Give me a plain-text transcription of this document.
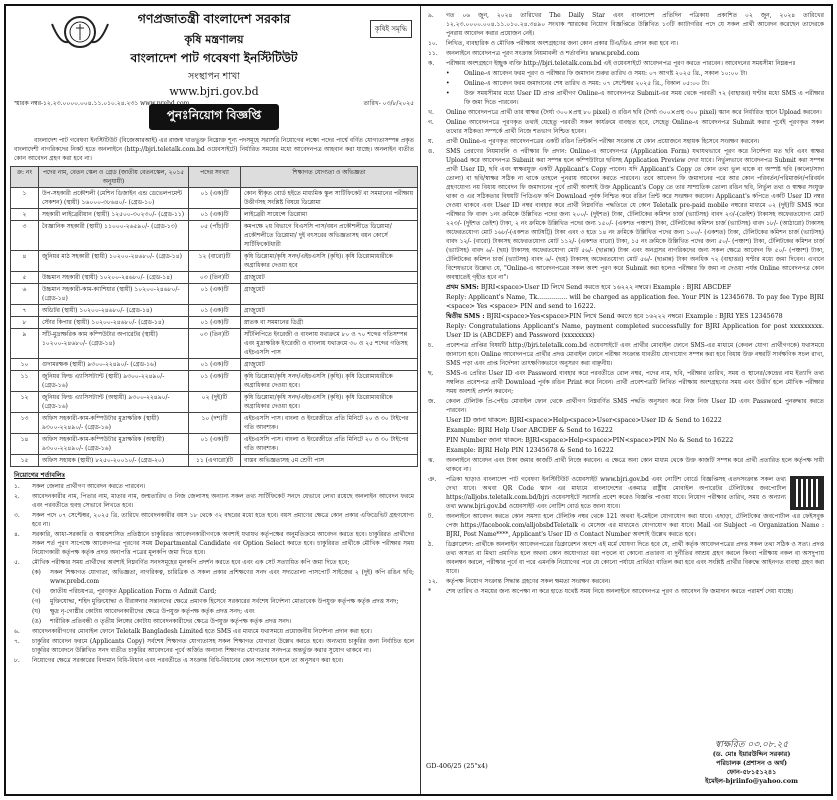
কৃষিই সমৃদ্ধি
গণপ্রজাতন্ত্রী বাংলাদেশ সরকার
কৃষি মন্ত্রণালয়
বাংলাদেশ পাট গবেষণা ইনস্টিটিউট
সংস্থাপন শাখা
www.bjri.gov.bd
স্মারক নম্বর-১২.২৩.০০০০.০০৪.১১.০১০.২৪.২৩১ www.prebd.com	তারিখ- ০৩/৮/২০২৫
পুনঃনিয়োগ বিজ্ঞপ্তি
বাংলাদেশ পাট গবেষণা ইনস্টিটিউট (বিজেআরআই) এর রাজস্ব খাতভুক্ত নিম্নোক্ত শূন্য পদসমূহে সরাসরি নিয়োগের লক্ষ্যে পদের পার্শ্বে বর্ণিত যোগ্যতাসম্পন্ন প্রকৃত বাংলাদেশী নাগরিকদের নিকট হতে অনলাইনে (http://bjri.teletalk.com.bd ওয়েবসাইটে) নির্ধারিত সময়ের মধ্যে আবেদনপত্র আহবান করা যাচ্ছে। অনলাইন ব্যতীত কোন আবেদন গ্রহণ করা হবে না।
ক্র: নং	পদের নাম, বেতন স্কেল ও গ্রেড (জাতীয় বেতনস্কেল, ২০১৫ অনুযায়ী)	পদের সংখ্যা	শিক্ষাগত যোগ্যতা ও অভিজ্ঞতা
১	উপ-সহকারী প্রকৌশলী (মেশিন ডিজাইন এন্ড ডেভেলপমেন্ট সেকশন) (স্থায়ী) ১৬০০০-৩৮৬৪০/- (গ্রেড-১০)	০১ (এক)টি	কোন স্বীকৃত বোর্ড হইতে মাধ্যমিক স্কুল সার্টিফিকেট বা সমমানের পরীক্ষায় উত্তীর্ণসহ সংশ্লিষ্ট বিষয়ে ডিপ্লোমা
২	সহকারী লাইব্রেরীয়ান (স্থায়ী) ১২৫০০-৩০২৩০/- (গ্রেড-১১)	০১ (এক)টি	লাইব্রেরী সায়েন্সে ডিপ্লোমা
৩	বৈজ্ঞানিক সহকারী (স্থায়ী) ১১০০০-২৬৫৯০/- (গ্রেড-১৩)	০৫ (পাঁচ)টি	কমপক্ষে ২য় বিভাগে বিএসসি পাস/বয়ন প্রকৌশলীতে ডিপ্লোমা/ প্রকৌশলীতে ডিপ্লোমা/ দুই বৎসরের অভিজ্ঞতাসহ বয়ন কোর্সে সার্টিফিকেটধারী
৪	জুনিয়র মাঠ সহকারী (স্থায়ী) ১০২০০-২৪৬৮০/- (গ্রেড-১৪)	১২ (বারো)টি	কৃষি ডিপ্লোমা/কৃষি সনদ/এইচএসসি (কৃষি)। কৃষি ডিপ্লোমাধারীকে অগ্রাধিকার দেওয়া হবে
৫	উচ্চমান সহকারী (স্থায়ী) ১০২০০-২৪৬৮০/- (গ্রেড-১৪)	০৩ (তিন)টি	গ্রাজুয়েট
৬	উচ্চমান সহকারী-কাম-ক্যাশিয়ার (স্থায়ী) ১০২০০-২৪৬৮০/- (গ্রেড-১৪)	০১ (এক)টি	গ্রাজুয়েট
৭	অডিটর (স্থায়ী) ১০২০০-২৪৬৮০/- (গ্রেড-১৪)	০১ (এক)টি	গ্রাজুয়েট
৮	স্টোর কিপার (স্থায়ী) ১০২০০-২৪৬৮০/- (গ্রেড-১৪)	০১ (এক)টি	স্নাতক বা সমমানের ডিগ্রী
৯	সাঁট-মুদ্রাক্ষরিক কাম কম্পিউটার অপারেটর (স্থায়ী) ১০২০০-২৪৬৮০/- (গ্রেড-১৪)	০৩ (তিন)টি	সাঁটলিপিতে ইংরেজী ও বাংলায় যথাক্রমে ৮০ ও ৭০ শব্দের গতিসম্পন্ন এবং মুদ্রাক্ষরিক ইংরেজী ও বাংলায় যথাক্রমে ৩০ ও ২৫ শব্দের গতিসহ এইচএসসি পাস
১০	গুদামরক্ষক (স্থায়ী) ৯৩০০-২২৪৯০/- (গ্রেড-১৬)	০১ (এক)টি	গ্রাজুয়েট
১১	জুনিয়র ফিল্ড এ্যাসিসট্যান্ট (স্থায়ী) ৯৩০০-২২৪৯০/- (গ্রেড-১৬)	০১ (এক)টি	কৃষি ডিপ্লোমা/কৃষি সনদ/এইচএসসি (কৃষি)। কৃষি ডিপ্লোমাধারীকে অগ্রাধিকার দেওয়া হবে।
১২	জুনিয়র ফিল্ড এ্যাসিসট্যান্ট (অস্থায়ী) ৯৩০০-২২৪৯০/- (গ্রেড-১৬)	০২ (দুই)টি	কৃষি ডিপ্লোমা/কৃষি সনদ/এইচএসসি (কৃষি)। কৃষি ডিপ্লোমাধারীকে অগ্রাধিকার দেওয়া হবে।
১৩	অফিস সহকারী-কাম-কম্পিউটার মুদ্রাক্ষরিক (স্থায়ী) ৯৩০০-২২৪৯০/- (গ্রেড-১৬)	১০ (দশ)টি	এইচএসসি পাস। বাংলা ও ইংরেজীতে প্রতি মিনিটে ২০ ও ৩০ টাইপের গতি আবশ্যক।
১৪	অফিস সহকারী-কাম-কম্পিউটার মুদ্রাক্ষরিক (অস্থায়ী) ৯৩০০-২২৪৯০/- (গ্রেড-১৬)	০১ (এক)টি	এইচএসসি পাস। বাংলা ও ইংরেজীতে প্রতি মিনিটে ২০ ও ৩০ টাইপের গতি আবশ্যক।
১৫	অফিস সহায়ক (স্থায়ী) ৮২৫০-২০০১০/- (গ্রেড-২০)	১১ (এগারো)টি	বাস্তব অভিজ্ঞতাসহ ৫ম শ্রেণী পাস
নিয়োগের শর্তাবলিঃ
১.	সকল জেলার প্রার্থীগণ আবেদন করতে পারবেন।
২.	আবেদনকারীর নাম, পিতার নাম, মাতার নাম, জন্মতারিখ ও নিজ জেলাসহ অন্যান্য সকল তথ্য সার্টিফিকেট সনদে যেভাবে লেখা রয়েছে অনলাইন আবেদন ফরমে এবং পরবর্তীতে হুবহু সেভাবে লিখতে হবে।
৩.	সকল পদে ০৭ সেপ্টেম্বর, ২০২৫ খ্রি. তারিখে আবেদনকারীর বয়স ১৮ থেকে ৩২ বছরের মধ্যে হতে হবে। বয়স প্রমাণের ক্ষেত্রে কোন প্রকার এফিডেভিট গ্রহণযোগ্য হবে না।
৪.	সরকারি, আধা-সরকারি ও স্বায়ত্তশাসিত প্রতিষ্ঠানে চাকুরিরত আবেদনকারীগণকে অবশ্যই যথাযথ কর্তৃপক্ষের অনুমতিক্রমে আবেদন করতে হবে। চাকুরিরত প্রার্থীদের সকল শর্ত পূরণ সাপেক্ষে আবেদনপত্র পূরণের সময় Departmental Candidate এর Option Select করতে হবে। চাকুরিরত প্রার্থীকে মৌখিক পরীক্ষার সময় নিয়োগকারী কর্তৃপক্ষ কর্তৃক প্রদত্ত অনাপত্তি পত্রের মূলকপি জমা দিতে হবে।
৫.	মৌখিক পরীক্ষার সময় প্রার্থীদের অবশ্যই নিম্নবর্ণিত সনদসমূহের মূলকপি প্রদর্শন করতে হবে এবং এক সেট সত্যায়িত কপি জমা দিতে হবে;
(ক)	সকল শিক্ষাগত যোগ্যতা, অভিজ্ঞতা, নাগরিকত্ব, চারিত্রিক ও সকল প্রকার প্রশিক্ষণের সনদ এবং সদ্যতোলা পাসপোর্ট সাইজের ২ (দুই) কপি রঙিন ছবি; www.prebd.com
(খ)	জাতীয় পরিচয়পত্র, পূরণকৃত Application Form ও Admit Card;
(গ)	মুক্তিযোদ্ধা, শহিদ মুক্তিযোদ্ধা ও বীরাঙ্গনার সন্তানদের ক্ষেত্রে প্রমাণক হিসেবে সরকারের সর্বশেষ নির্দেশনা মোতাবেক উপযুক্ত কর্তৃপক্ষ কর্তৃক প্রদত্ত সনদ;
(ঘ)	ক্ষুদ্র নৃ-গোষ্ঠীর কোটায় আবেদনকারীদের ক্ষেত্রে উপযুক্ত কর্তৃপক্ষ কর্তৃক প্রদত্ত সনদ; এবং
(ঙ)	শারীরিক প্রতিবন্ধী ও তৃতীয় লিঙ্গের কোটায় আবেদনকারীদের ক্ষেত্রে উপযুক্ত কর্তৃপক্ষ কর্তৃক প্রদত্ত সনদ।
৬.	আবেদনকারীগণের মোবাইল ফোনে Teletalk Bangladesh Limited হতে SMS এর মাধ্যমে যথাসময়ে প্রয়োজনীয় নির্দেশনা প্রদান করা হবে।
৭.	চাকুরির আবেদন ফরমে (Applicants Copy) সর্বশেষ শিক্ষাগত যোগ্যতাসহ সকল শিক্ষাগত যোগ্যতা উল্লেখ করতে হবে। অন্যথায় চাকুরির জন্য নির্বাচিত হলে চাকুরির আবেদনে উল্লিখিত সনদ ব্যতীত চাকুরির আবেদনের পূর্বে অর্জিত অন্যান্য শিক্ষাগত যোগ্যতার সনদপত্র অন্তর্ভুক্ত করার সুযোগ থাকবে না।
৮.	নিয়োগের ক্ষেত্রে সরকারের বিদ্যমান বিধি-বিধান এবং পরবর্তীতে এ সংক্রান্ত বিধি-বিধানের কোন সংশোধন হলে তা অনুসরণ করা হবে।
৯.	গত ০৬ জুন, ২০২৪ তারিখের The Daily Star এবং বাংলাদেশ প্রতিদিন পত্রিকায় প্রকাশিত ০২ জুন, ২০২৪ তারিখের ১২.২৩.০০০০.০০৪.১১.০১০.২৪.৩৪৯০ সংখ্যক স্মারকের নিয়োগ বিজ্ঞপ্তিতে উল্লিখিত ১৩টি ক্যাটাগরির পদে যে সকল প্রার্থী আবেদন করেছেন তাদেরকে পুনরায় আবেদন করার প্রয়োজন নেই।
১০.	লিখিত, ব্যবহারিক ও মৌখিক পরীক্ষায় অংশগ্রহণের জন্য কোন প্রকার টিএ/ডিএ প্রদান করা হবে না।
১১.	অনলাইনে আবেদনপত্র পূরণ সংক্রান্ত নিয়মাবলী ও শর্তাবলিঃ www.prebd.com
ক.	পরীক্ষায় অংশগ্রহণে ইচ্ছুক ব্যক্তি http://bjri.teletalk.com.bd এই ওয়েবসাইটে আবেদনপত্র পূরণ করতে পারবেন। আবেদনের সময়সীমা নিম্নরূপঃ
•	Online-এ আবেদন ফরম পূরণ ও পরীক্ষার ফি জমাদান শুরুর তারিখ ও সময়: ০৭ আগষ্ট ২০২৫ খ্রি., সকাল ১০:০০ টা।
•	Online-এ আবেদন ফরম জমাদানের শেষ তারিখ ও সময়: ০৭ সেপ্টেম্বর ২০২৫ খ্রি., বিকাল ০৫:০০ টা।
•	উক্ত সময়সীমার মধ্যে User ID প্রাপ্ত প্রার্থীগণ Online-এ আবেদনপত্র Submit-এর সময় থেকে পরবর্তী ৭২ (বাহাত্তর) ঘণ্টার মধ্যে SMS এ পরীক্ষার ফি জমা দিতে পারবেন।
খ.	Online আবেদনপত্রে প্রার্থী তার স্বাক্ষর (দৈর্ঘ্য ৩০০×প্রস্থ ৮০ pixel) ও রঙিন ছবি (দৈর্ঘ্য ৩০০×প্রস্থ ৩০০ pixel) স্ক্যান করে নির্ধারিত স্থানে Upload করবেন।
গ.	Online আবেদনপত্রে পূরণকৃত তথ্যই যেহেতু পরবর্তী সকল কার্যক্রমে ব্যবহৃত হবে, সেহেতু Online-এ আবেদনপত্র Submit করার পূর্বেই পূরণকৃত সকল তথ্যের সঠিকতা সম্পর্কে প্রার্থী নিজে শতভাগ নিশ্চিত হবেন।
ঘ.	প্রার্থী Online-এ পূরণকৃত আবেদনপত্রের একটি রঙিন প্রিন্টকপি পরীক্ষা সংক্রান্ত যে কোন প্রয়োজনে সহায়ক হিসেবে সংরক্ষণ করবেন।
ঙ.	SMS প্রেরণের নিয়মাবলি ও পরীক্ষার ফি প্রদান: Online-এ আবেদনপত্র (Application Form) যথাযথভাবে পূরণ করে নির্দেশনা মত ছবি এবং স্বাক্ষর Upload করে আবেদনপত্র Submit করা সম্পন্ন হলে কম্পিউটারে ছবিসহ Application Preview দেখা যাবে। নির্ভুলভাবে আবেদনপত্র Submit করা সম্পন্ন প্রার্থী User ID, ছবি এবং স্বাক্ষরযুক্ত একটি Applicant's Copy পাবেন। যদি Applicant's Copy তে কোন তথ্য ভুল থাকে বা অস্পষ্ট ছবি (কালো/সাদা তোলা) বা ছবি/স্বাক্ষর সঠিক না থাকে তাহলে পুনরায় আবেদন করতে পারবেন। তবে আবেদন ফি জমাদানের পরে আর কোন পরিবর্তন/পরিমার্জন/পরিবর্ধন গ্রহণযোগ্য নয় বিধায় আবেদন ফি জমাদানের পূর্বে প্রার্থী অবশ্যই উক্ত Applicant's Copy তে তার সাম্প্রতিক তোলা রঙিন ছবি, নির্ভুল তথ্য ও স্বাক্ষর সংযুক্ত থাকা ও এর সঠিকতার বিষয়টি পিডিএফ কপি Download পূর্বক নিশ্চিত করে রঙিন প্রিন্ট করে সংরক্ষণ করবেন। Applicant's কপিতে একটি User ID নম্বর দেওয়া থাকবে এবং User ID নম্বর ব্যবহার করে প্রার্থী নিম্নবর্ণিত পদ্ধতিতে যে কোন Teletalk pre-paid mobile নম্বরের মাধ্যমে ০২ (দুই)টি SMS করে পরীক্ষার ফি বাবদ ১নং ক্রমিকে উল্লিখিত পদের জন্য ২০০/- (দুইশত) টাকা, টেলিটকের কমিশন চার্জ (ভ্যাটসহ) বাবদ ২৩/-(তেইশ) টাকাসহ অফেরতযোগ্য মোট ২২৩/- (দুইশত তেইশ) টাকা, ২ নং ক্রমিকে উল্লিখিত পদের জন্য ১৫০/- (একশত পঞ্চাশ) টাকা, টেলিটকের কমিশন চার্জ (ভ্যাটসহ) বাবদ ১৮/- (আঠারো) টাকাসহ অফেরতযোগ্য মোট ১৬৮/-(একশত আটষট্টি) টাকা এবং ৩ হতে ১৪ নং ক্রমিকে উল্লিখিত পদের জন্য ১০০/- (একশত) টাকা, টেলিটকের কমিশন চার্জ (ভ্যাটসহ) বাবদ ১২/- (বারো) টাকাসহ অফেরতযোগ্য মোট ১১২/- (একশত বারো) টাকা, ১৫ নং ক্রমিকে উল্লিখিত পদের জন্য ৫০/- (পঞ্চাশ) টাকা, টেলিটকের কমিশন চার্জ (ভ্যাটসহ) বাবদ ৬/- (ছয়) টাকাসহ অফেরতযোগ্য মোট ৫৬/- (ছাপ্পান্ন) টাকা এবং অনগ্রসর নাগরিকদের জন্য সকল ক্ষেত্রে আবেদন ফি ৫০/- (পঞ্চাশ) টাকা, টেলিটকের কমিশন চার্জ (ভ্যাটসহ) বাবদ ৬/- (ছয়) টাকাসহ অফেরতযোগ্য মোট ৫৬/- (ছাপ্পান্ন) টাকা অনধিক ৭২ (বাহাত্তর) ঘণ্টার মধ্যে জমা দিবেন। এখানে বিশেষভাবে উল্লেখ্য যে, "Online-এ আবেদনপত্রের সকল অংশ পূরণ করে Submit করা হলেও পরীক্ষার ফি জমা না দেওয়া পর্যন্ত Online আবেদনপত্র কোন অবস্থাতেই গৃহীত হবে না"।
প্রথম SMS: BJRI<space>User ID লিখে Send করতে হবে ১৬২২২ নম্বরে। Example : BJRI ABCDEF
Reply: Applicant's Name, Tk............... will be charged as application fee. Your PIN is 12345678. To pay fee Type BJRI <space> Yes <space> PIN and send to 16222.
দ্বিতীয় SMS : BJRI<space>Yes<space>PIN লিখে Send করতে হবে ১৬২২২ নম্বরে। Example : BJRI YES 12345678
Reply: Congratulations Applicant's Name, payment completed successfully for BJRI Application for post xxxxxxxxx. User ID is (ABCDEF) and Password (xxxxxxxx)
চ.	প্রবেশপত্র প্রাপ্তির বিষয়টি http://bjri.teletalk.com.bd ওয়েবসাইটে এবং প্রার্থীর মোবাইল ফোনে SMS-এর মাধ্যমে (কেবল যোগ্য প্রার্থীগণকে) যথাসময়ে জানানো হবে। Online আবেদনপত্রে প্রার্থীর প্রদত্ত মোবাইল ফোনে পরীক্ষা সংক্রান্ত যাবতীয় যোগাযোগ সম্পন্ন করা হবে বিধায় উক্ত নম্বরটি সার্বক্ষণিক সচল রাখা, SMS পড়া এবং প্রাপ্ত নির্দেশনা তাৎক্ষণিকভাবে অনুসরণ করা বাঞ্ছনীয়।
ছ.	SMS-এ প্রেরিত User ID এবং Password ব্যবহার করে পরবর্তীতে রোল নম্বর, পদের নাম, ছবি, পরীক্ষার তারিখ, সময় ও স্থানের/কেন্দ্রের নাম ইত্যাদি তথ্য সম্বলিত প্রবেশপত্র প্রার্থী Download পূর্বক রঙিন Print করে নিবেন। প্রার্থী প্রবেশপত্রটি লিখিত পরীক্ষায় অংশগ্রহণের সময় এবং উত্তীর্ণ হলে মৌখিক পরীক্ষার সময় অবশ্যই প্রদর্শন করবেন;
জ.	কেবল টেলিটক প্রি-পেইড মোবাইল ফোন থেকে প্রার্থীগণ নিম্নবর্ণিত SMS পদ্ধতি অনুসরণ করে নিজ নিজ User ID এবং Password পুনরুদ্ধার করতে পারবেন।
User ID জানা থাকলে: BJRI<space>Help<space>User<space>User ID & Send to 16222
Example: BJRI Help User ABCDEF & Send to 16222
PIN Number জানা থাকলে: BJRI<space>Help<space>PIN<space>PIN No & Send to 16222
Example: BJRI Help PIN 12345678 & Send to 16222
ঝ.	অনলাইনে আবেদন এবং টাকা জমার কাজটি প্রার্থী নিজে করবেন। এ ক্ষেত্রে অন্য কোন মাধ্যম থেকে উক্ত কাজটি সম্পন্ন করে প্রার্থী প্রতারিত হলে কর্তৃপক্ষ দায়ী থাকবে না।
ঞ.	পত্রিকা ছাড়াও বাংলাদেশ পাট গবেষণা ইনস্টিটিউট ওয়েবসাইট www.bjri.gov.bd এবং নোটিশ বোর্ডে বিজ্ঞপ্তিসহ এতদসংক্রান্ত সকল তথ্য দেখা যাবে। অথবা QR Code স্ক্যান এর মাধ্যমে বাংলাদেশের একমাত্র রাষ্ট্রীয় মোবাইল অপারেটর টেলিটকের জবপোর্টাল https://alljobs.teletalk.com.bd/bjri ওয়েবসাইটে সরাসরি প্রবেশ করেও বিজ্ঞপ্তি পাওয়া যাবে। নিয়োগ পরীক্ষার তারিখ, সময় ও অন্যান্য তথ্য www.bjri.gov.bd ওয়েবসাইট এবং নোটিশ বোর্ড হতে জানা যাবে।
ট.	অনলাইনে আবেদন করতে কোন সমস্যা হলে টেলিটক নম্বর থেকে 121 অথবা ই-মেইলে যোগাযোগ করা যাবে। এছাড়া, টেলিটকের জবপোর্টাল এর ফেইসবুক পেজ https://facebook.com/alljobsbdTeletalk এ মেসেজ এর মাধ্যমেও যোগাযোগ করা যাবে। Mail এর Subject -এ Organization Name : BJRI, Post Name****, Applicant's User ID ও Contact Number অবশ্যই উল্লেখ করতে হবে।
ঠ.	ডিক্লারেশন: প্রার্থীকে অনলাইন আবেদনপত্রের ডিক্লারেশন অংশে এই মর্মে ঘোষণা দিতে হবে যে, প্রার্থী কর্তৃক আবেদনপত্রের প্রদত্ত সকল তথ্য সঠিক ও সত্য। প্রদত্ত তথ্য অসত্য বা মিথ্যা প্রমাণিত হলে অথবা কোন অযোগ্যতা ধরা পড়লে বা কোনো প্রতারণা বা দুর্নীতির আশ্রয় গ্রহণ করলে কিংবা পরীক্ষায় নকল বা অসদুপায় অবলম্বন করলে, পরীক্ষার পূর্বে বা পরে এমনকি নিয়োগের পরে যে কোনো পর্যায়ে প্রার্থিতা বাতিল করা হবে এবং সংশ্লিষ্ট প্রার্থীর বিরুদ্ধে আইনগত ব্যবস্থা গ্রহণ করা যাবে।
১২.	কর্তৃপক্ষ নিয়োগ সংক্রান্ত সিদ্ধান্ত গ্রহণের সকল ক্ষমতা সংরক্ষণ করবেন।
*	শেষ তারিখ ও সময়ের জন্য অপেক্ষা না করে হাতে যথেষ্ট সময় নিয়ে অনলাইনে আবেদনপত্র পূরণ ও আবেদন ফি জমাদান করতে পরামর্শ দেয়া যাচ্ছে।
GD-406/25 (25"x4)
স্বাক্ষরিত ০৩.০৮.২৫
(ড. মোঃ ইয়ারউদ্দিন সরকার)
পরিচালক (প্রশাসন ও অর্থ)
ফোন-৫৮১৫১২৪১
ইমেইল-bjriinfo@yahoo.com
